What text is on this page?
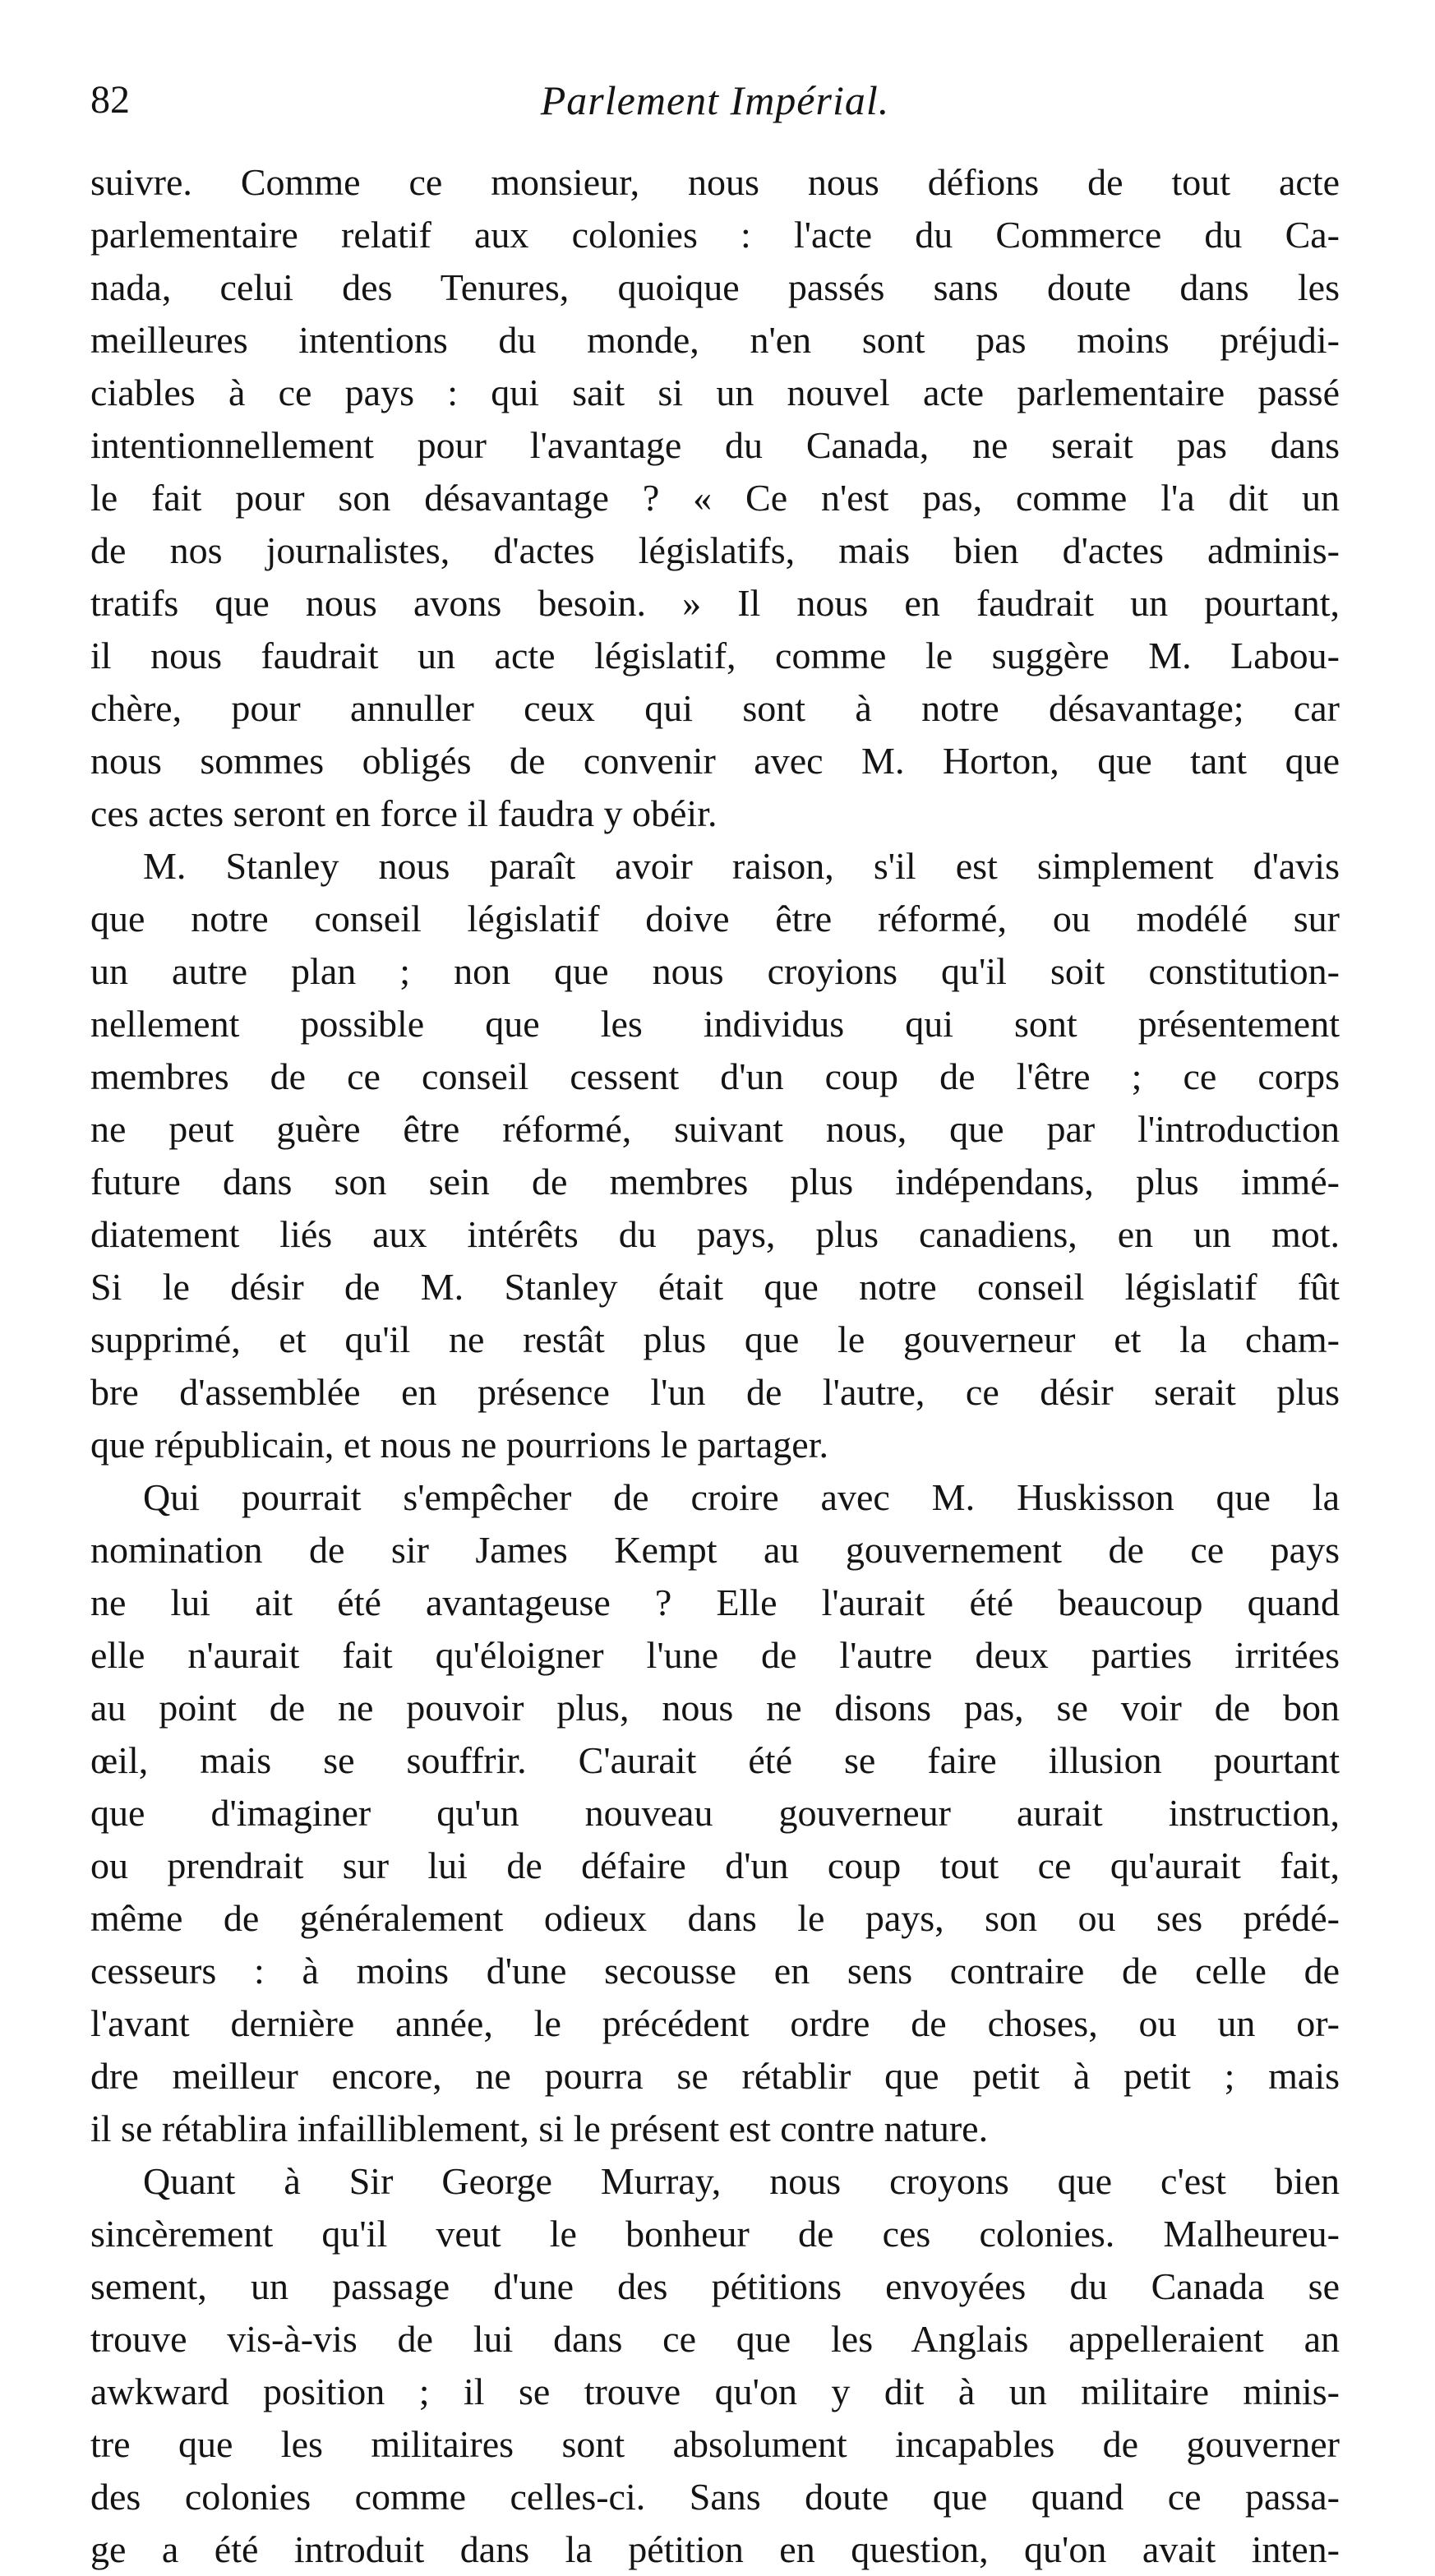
82	Parlement Impérial.
suivre. Comme ce monsieur, nous nous défions de tout acte
parlementaire relatif aux colonies : l'acte du Commerce du Ca-
nada, celui des Tenures, quoique passés sans doute dans les
meilleures intentions du monde, n'en sont pas moins préjudi-
ciables à ce pays : qui sait si un nouvel acte parlementaire passé
intentionnellement pour l'avantage du Canada, ne serait pas dans
le fait pour son désavantage ? « Ce n'est pas, comme l'a dit un
de nos journalistes, d'actes législatifs, mais bien d'actes adminis-
tratifs que nous avons besoin. » Il nous en faudrait un pourtant,
il nous faudrait un acte législatif, comme le suggère M. Labou-
chère, pour annuller ceux qui sont à notre désavantage; car
nous sommes obligés de convenir avec M. Horton, que tant que
ces actes seront en force il faudra y obéir.
M. Stanley nous paraît avoir raison, s'il est simplement d'avis
que notre conseil législatif doive être réformé, ou modélé sur
un autre plan ; non que nous croyions qu'il soit constitution-
nellement possible que les individus qui sont présentement
membres de ce conseil cessent d'un coup de l'être ; ce corps
ne peut guère être réformé, suivant nous, que par l'introduction
future dans son sein de membres plus indépendans, plus immé-
diatement liés aux intérêts du pays, plus canadiens, en un mot.
Si le désir de M. Stanley était que notre conseil législatif fût
supprimé, et qu'il ne restât plus que le gouverneur et la cham-
bre d'assemblée en présence l'un de l'autre, ce désir serait plus
que républicain, et nous ne pourrions le partager.
Qui pourrait s'empêcher de croire avec M. Huskisson que la
nomination de sir James Kempt au gouvernement de ce pays
ne lui ait été avantageuse ? Elle l'aurait été beaucoup quand
elle n'aurait fait qu'éloigner l'une de l'autre deux parties irritées
au point de ne pouvoir plus, nous ne disons pas, se voir de bon
œil, mais se souffrir. C'aurait été se faire illusion pourtant
que d'imaginer qu'un nouveau gouverneur aurait instruction,
ou prendrait sur lui de défaire d'un coup tout ce qu'aurait fait,
même de généralement odieux dans le pays, son ou ses prédé-
cesseurs : à moins d'une secousse en sens contraire de celle de
l'avant dernière année, le précédent ordre de choses, ou un or-
dre meilleur encore, ne pourra se rétablir que petit à petit ; mais
il se rétablira infailliblement, si le présent est contre nature.
Quant à Sir George Murray, nous croyons que c'est bien
sincèrement qu'il veut le bonheur de ces colonies. Malheureu-
sement, un passage d'une des pétitions envoyées du Canada se
trouve vis-à-vis de lui dans ce que les Anglais appelleraient an
awkward position ; il se trouve qu'on y dit à un militaire minis-
tre que les militaires sont absolument incapables de gouverner
des colonies comme celles-ci. Sans doute que quand ce passa-
ge a été introduit dans la pétition en question, qu'on avait inten-
